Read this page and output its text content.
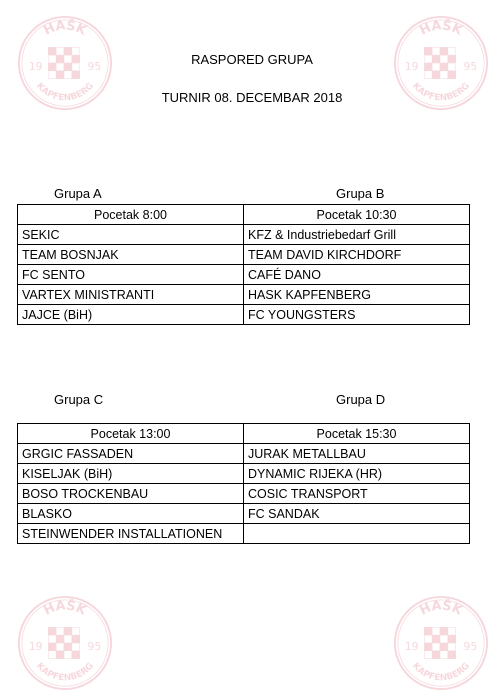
HAŠK
KAPFENBERG
19	95
HAŠK
KAPFENBERG
19	95
HAŠK
KAPFENBERG
19	95
HAŠK
KAPFENBERG
19	95
RASPORED GRUPA
TURNIR 08. DECEMBAR 2018
Grupa A	Grupa B
Pocetak 8:00	Pocetak 10:30
SEKIC	KFZ & Industriebedarf Grill
TEAM BOSNJAK	TEAM DAVID KIRCHDORF
FC SENTO	CAFÉ DANO
VARTEX MINISTRANTI	HASK KAPFENBERG
JAJCE (BiH)	FC YOUNGSTERS
Grupa C	Grupa D
Pocetak 13:00	Pocetak 15:30
GRGIC FASSADEN	JURAK METALLBAU
KISELJAK (BiH)	DYNAMIC RIJEKA (HR)
BOSO TROCKENBAU	COSIC TRANSPORT
BLASKO	FC SANDAK
STEINWENDER INSTALLATIONEN	
